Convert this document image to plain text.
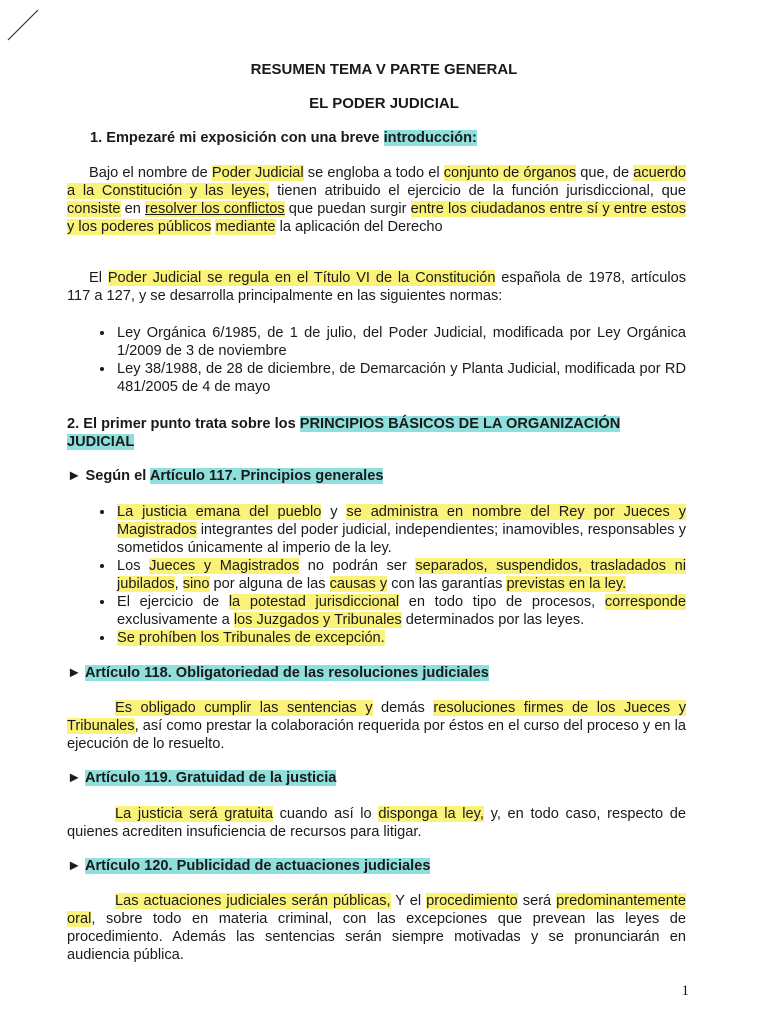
RESUMEN TEMA V PARTE GENERAL
EL PODER JUDICIAL
1. Empezaré mi exposición con una breve introducción:
Bajo el nombre de Poder Judicial se engloba a todo el conjunto de órganos que, de acuerdo a la Constitución y las leyes, tienen atribuido el ejercicio de la función jurisdiccional, que consiste en resolver los conflictos que puedan surgir entre los ciudadanos entre sí y entre estos y los poderes públicos mediante la aplicación del Derecho
El Poder Judicial se regula en el Título VI de la Constitución española de 1978, artículos 117 a 127, y se desarrolla principalmente en las siguientes normas:
• Ley Orgánica 6/1985, de 1 de julio, del Poder Judicial, modificada por Ley Orgánica 1/2009 de 3 de noviembre
• Ley 38/1988, de 28 de diciembre, de Demarcación y Planta Judicial, modificada por RD 481/2005 de 4 de mayo
2. El primer punto trata sobre los PRINCIPIOS BÁSICOS DE LA ORGANIZACIÓN JUDICIAL
► Según el Artículo 117. Principios generales
• La justicia emana del pueblo y se administra en nombre del Rey por Jueces y Magistrados integrantes del poder judicial, independientes; inamovibles, responsables y sometidos únicamente al imperio de la ley.
• Los Jueces y Magistrados no podrán ser separados, suspendidos, trasladados ni jubilados, sino por alguna de las causas y con las garantías previstas en la ley.
• El ejercicio de la potestad jurisdiccional en todo tipo de procesos, corresponde exclusivamente a los Juzgados y Tribunales determinados por las leyes.
• Se prohíben los Tribunales de excepción.
► Artículo 118. Obligatoriedad de las resoluciones judiciales
Es obligado cumplir las sentencias y demás resoluciones firmes de los Jueces y Tribunales, así como prestar la colaboración requerida por éstos en el curso del proceso y en la ejecución de lo resuelto.
► Artículo 119. Gratuidad de la justicia
La justicia será gratuita cuando así lo disponga la ley, y, en todo caso, respecto de quienes acrediten insuficiencia de recursos para litigar.
► Artículo 120. Publicidad de actuaciones judiciales
Las actuaciones judiciales serán públicas, Y el procedimiento será predominantemente oral, sobre todo en materia criminal, con las excepciones que prevean las leyes de procedimiento. Además las sentencias serán siempre motivadas y se pronunciarán en audiencia pública.
1
